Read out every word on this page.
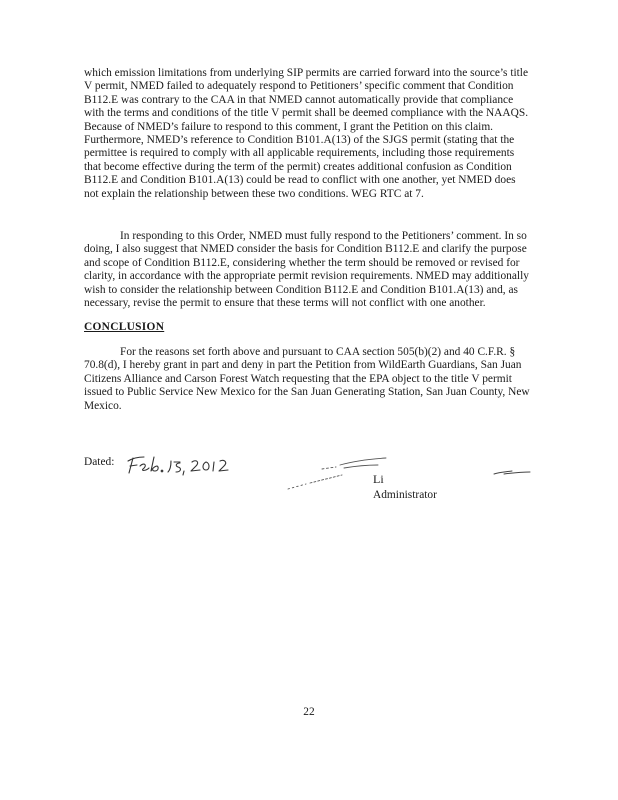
which emission limitations from underlying SIP permits are carried forward into the source’s title
V permit, NMED failed to adequately respond to Petitioners’ specific comment that Condition
B112.E was contrary to the CAA in that NMED cannot automatically provide that compliance
with the terms and conditions of the title V permit shall be deemed compliance with the NAAQS.
Because of NMED’s failure to respond to this comment, I grant the Petition on this claim.
Furthermore, NMED’s reference to Condition B101.A(13) of the SJGS permit (stating that the
permittee is required to comply with all applicable requirements, including those requirements
that become effective during the term of the permit) creates additional confusion as Condition
B112.E and Condition B101.A(13) could be read to conflict with one another, yet NMED does
not explain the relationship between these two conditions. WEG RTC at 7.
In responding to this Order, NMED must fully respond to the Petitioners’ comment. In so
doing, I also suggest that NMED consider the basis for Condition B112.E and clarify the purpose
and scope of Condition B112.E, considering whether the term should be removed or revised for
clarity, in accordance with the appropriate permit revision requirements. NMED may additionally
wish to consider the relationship between Condition B112.E and Condition B101.A(13) and, as
necessary, revise the permit to ensure that these terms will not conflict with one another.
CONCLUSION
For the reasons set forth above and pursuant to CAA section 505(b)(2) and 40 C.F.R. §
70.8(d), I hereby grant in part and deny in part the Petition from WildEarth Guardians, San Juan
Citizens Alliance and Carson Forest Watch requesting that the EPA object to the title V permit
issued to Public Service New Mexico for the San Juan Generating Station, San Juan County, New
Mexico.
Dated:
Li
Administrator
22
